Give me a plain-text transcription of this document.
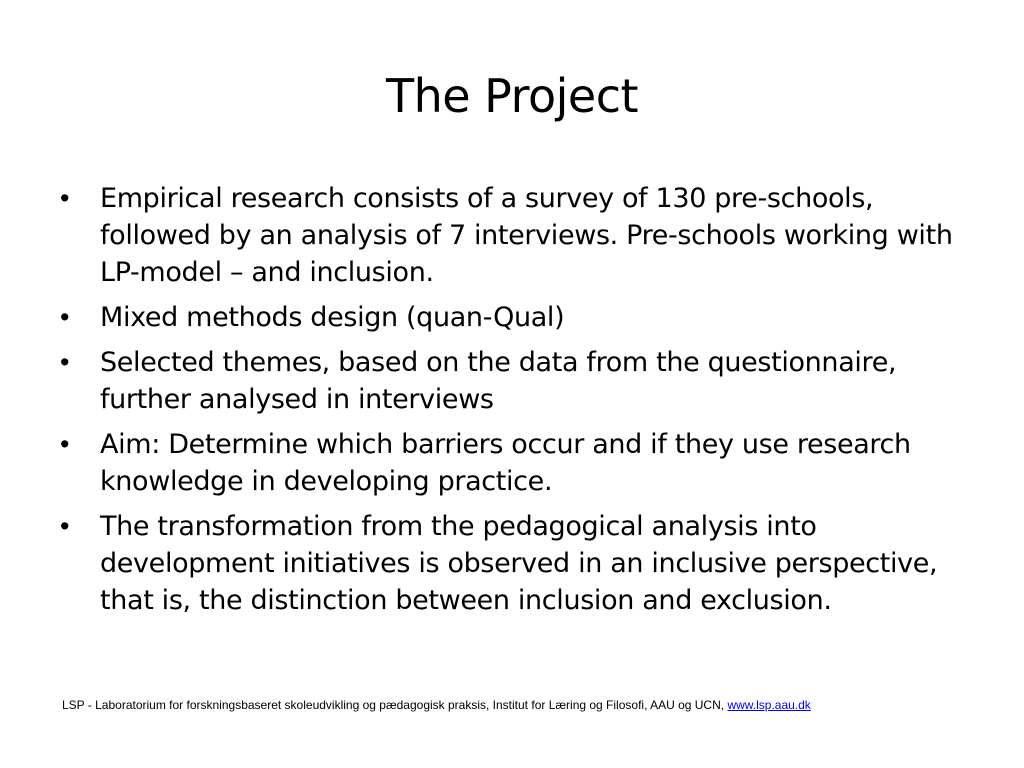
The Project
•	Empirical research consists of a survey of 130 pre-schools, followed by an analysis of 7 interviews. Pre-schools working with LP-model – and inclusion.
•	Mixed methods design (quan-Qual)
•	Selected themes, based on the data from the questionnaire, further analysed in interviews
•	Aim: Determine which barriers occur and if they use research knowledge in developing practice.
•	The transformation from the pedagogical analysis into development initiatives is observed in an inclusive perspective, that is, the distinction between inclusion and exclusion.
LSP - Laboratorium for forskningsbaseret skoleudvikling og pædagogisk praksis, Institut for Læring og Filosofi, AAU og UCN, www.lsp.aau.dk
